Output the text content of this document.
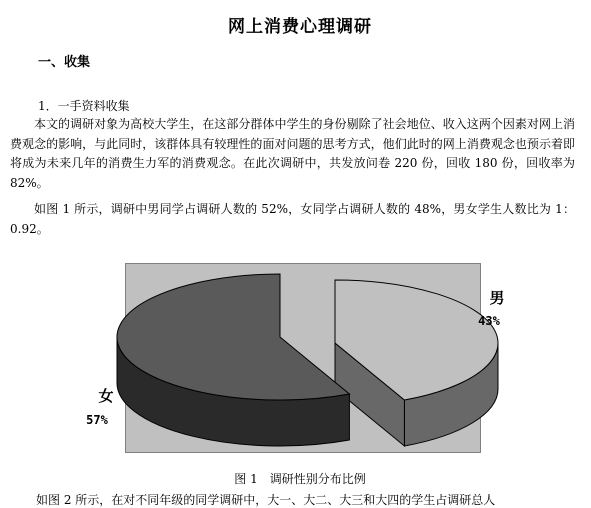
网上消费心理调研
一、收集
1．一手资料收集
本文的调研对象为高校大学生，在这部分群体中学生的身份剔除了社会地位、收入这两个因素对网上消费观念的影响，与此同时，该群体具有较理性的面对问题的思考方式，他们此时的网上消费观念也预示着即将成为未来几年的消费生力军的消费观念。在此次调研中，共发放问卷 220 份，回收 180 份，回收率为 82%。
如图 1 所示，调研中男同学占调研人数的 52%，女同学占调研人数的 48%，男女学生人数比为 1：0.92。
男
43%
女
57%
图 1 调研性别分布比例
如图 2 所示，在对不同年级的同学调研中，大一、大二、大三和大四的学生占调研总人
